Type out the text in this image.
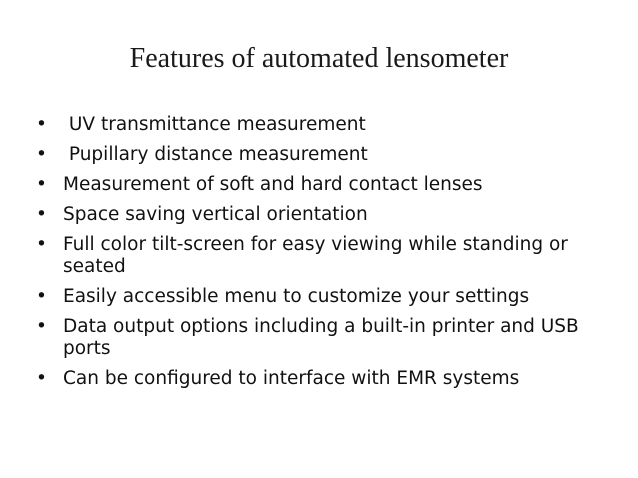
Features of automated lensometer
• UV transmittance measurement
• Pupillary distance measurement
• Measurement of soft and hard contact lenses
• Space saving vertical orientation
• Full color tilt-screen for easy viewing while standing or seated
• Easily accessible menu to customize your settings
• Data output options including a built-in printer and USB ports
• Can be configured to interface with EMR systems
